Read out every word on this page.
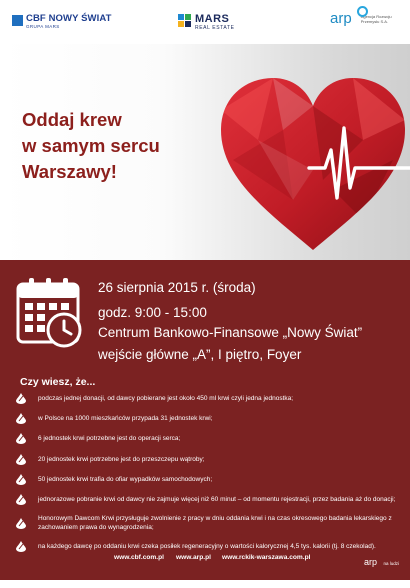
CBF NOWY ŚWIAT
GRUPA MARS
MARS
REAL ESTATE
arp Agencja Rozwoju Przemysłu S.A.
Oddaj krew
w samym sercu
Warszawy!
26 sierpnia 2015 r. (środa)
godz. 9:00 - 15:00
Centrum Bankowo-Finansowe „Nowy Świat”
wejście główne „A”, I piętro, Foyer
Czy wiesz, że...
podczas jednej donacji, od dawcy pobierane jest około 450 ml krwi czyli jedna jednostka;
w Polsce na 1000 mieszkańców przypada 31 jednostek krwi;
6 jednostek krwi potrzebne jest do operacji serca;
20 jednostek krwi potrzebne jest do przeszczepu wątroby;
50 jednostek krwi trafia do ofiar wypadków samochodowych;
jednorazowe pobranie krwi od dawcy nie zajmuje więcej niż 60 minut – od momentu rejestracji, przez badania aż do donacji;
Honorowym Dawcom Krwi przysługuje zwolnienie z pracy w dniu oddania krwi i na czas okresowego badania lekarskiego z zachowaniem prawa do wynagrodzenia;
na każdego dawcę po oddaniu krwi czeka posiłek regeneracyjny o wartości kalorycznej 4,5 tys. kalorii (tj. 8 czekolad).
www.cbf.com.pl www.arp.pl www.rckik-warszawa.com.pl	arp na ludzi mamy
